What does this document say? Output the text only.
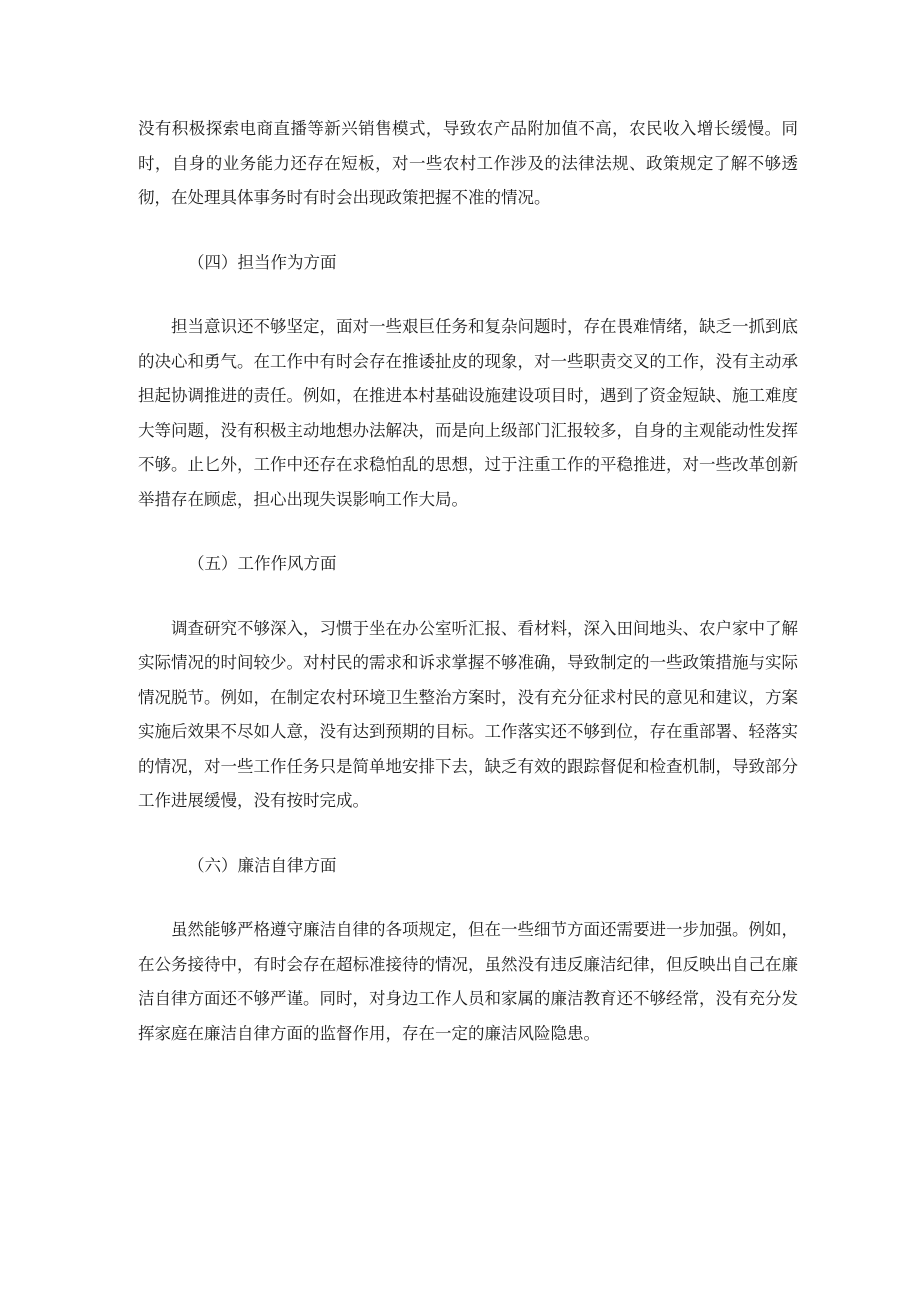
没有积极探索电商直播等新兴销售模式，导致农产品附加值不高，农民收入增长缓慢。同时，自身的业务能力还存在短板，对一些农村工作涉及的法律法规、政策规定了解不够透彻，在处理具体事务时有时会出现政策把握不准的情况。

（四）担当作为方面

担当意识还不够坚定，面对一些艰巨任务和复杂问题时，存在畏难情绪，缺乏一抓到底的决心和勇气。在工作中有时会存在推诿扯皮的现象，对一些职责交叉的工作，没有主动承担起协调推进的责任。例如，在推进本村基础设施建设项目时，遇到了资金短缺、施工难度大等问题，没有积极主动地想办法解决，而是向上级部门汇报较多，自身的主观能动性发挥不够。止匕外，工作中还存在求稳怕乱的思想，过于注重工作的平稳推进，对一些改革创新举措存在顾虑，担心出现失误影响工作大局。

（五）工作作风方面

调查研究不够深入，习惯于坐在办公室听汇报、看材料，深入田间地头、农户家中了解实际情况的时间较少。对村民的需求和诉求掌握不够准确，导致制定的一些政策措施与实际情况脱节。例如，在制定农村环境卫生整治方案时，没有充分征求村民的意见和建议，方案实施后效果不尽如人意，没有达到预期的目标。工作落实还不够到位，存在重部署、轻落实的情况，对一些工作任务只是简单地安排下去，缺乏有效的跟踪督促和检查机制，导致部分工作进展缓慢，没有按时完成。

（六）廉洁自律方面

虽然能够严格遵守廉洁自律的各项规定，但在一些细节方面还需要进一步加强。例如，在公务接待中，有时会存在超标准接待的情况，虽然没有违反廉洁纪律，但反映出自己在廉洁自律方面还不够严谨。同时，对身边工作人员和家属的廉洁教育还不够经常，没有充分发挥家庭在廉洁自律方面的监督作用，存在一定的廉洁风险隐患。
